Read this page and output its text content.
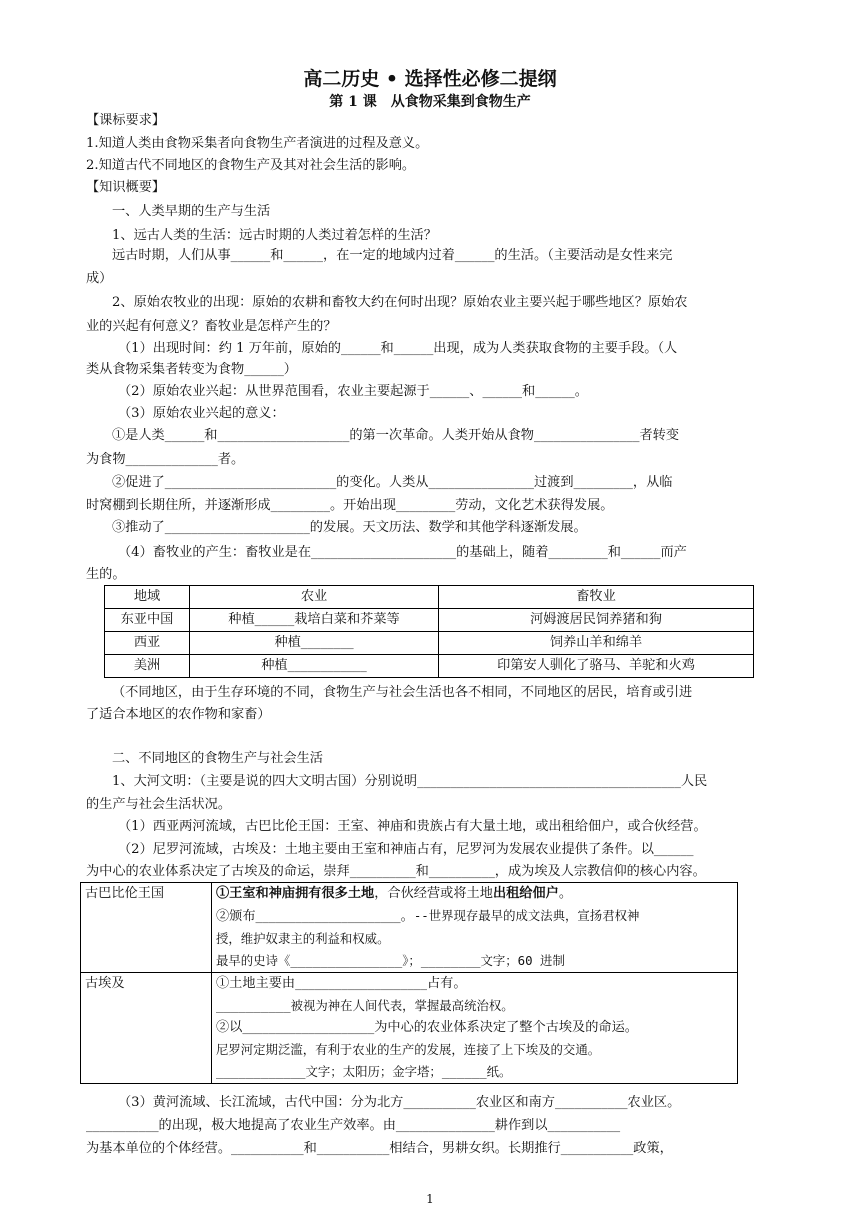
高二历史 • 选择性必修二提纲
第 1 课　从食物采集到食物生产
【课标要求】
1.知道人类由食物采集者向食物生产者演进的过程及意义。
2.知道古代不同地区的食物生产及其对社会生活的影响。
【知识概要】
一、人类早期的生产与生活
1、远古人类的生活：远古时期的人类过着怎样的生活？
远古时期，人们从事______和______，在一定的地域内过着______的生活。（主要活动是女性来完
成）
2、原始农牧业的出现：原始的农耕和畜牧大约在何时出现？原始农业主要兴起于哪些地区？原始农
业的兴起有何意义？畜牧业是怎样产生的？
（1）出现时间：约 1 万年前，原始的______和______出现，成为人类获取食物的主要手段。（人
类从食物采集者转变为食物______）
（2）原始农业兴起：从世界范围看，农业主要起源于______、______和______。
（3）原始农业兴起的意义：
①是人类______和____________________的第一次革命。人类开始从食物________________者转变
为食物______________者。
②促进了__________________________的变化。人类从________________过渡到_________，从临
时窝棚到长期住所，并逐渐形成_________。开始出现_________劳动，文化艺术获得发展。
③推动了______________________的发展。天文历法、数学和其他学科逐渐发展。
（4）畜牧业的产生：畜牧业是在______________________的基础上，随着_________和______而产
生的。
地域	农业	畜牧业
东亚中国	种植______栽培白菜和芥菜等	河姆渡居民饲养猪和狗
西亚	种植________	饲养山羊和绵羊
美洲	种植____________	印第安人驯化了骆马、羊驼和火鸡
（不同地区，由于生存环境的不同，食物生产与社会生活也各不相同，不同地区的居民，培育或引进
了适合本地区的农作物和家畜）
二、不同地区的食物生产与社会生活
1、大河文明：（主要是说的四大文明古国）分别说明________________________________________人民
的生产与社会生活状况。
（1）西亚两河流域，古巴比伦王国：王室、神庙和贵族占有大量土地，或出租给佃户，或合伙经营。
（2）尼罗河流域，古埃及：土地主要由王室和神庙占有，尼罗河为发展农业提供了条件。以______
为中心的农业体系决定了古埃及的命运，崇拜__________和__________，成为埃及人宗教信仰的核心内容。
古巴比伦王国	①王室和神庙拥有很多土地，合伙经营或将土地出租给佃户。
②颁布______________________。--世界现存最早的成文法典，宣扬君权神
授，维护奴隶主的利益和权威。
最早的史诗《_______________》；________文字；60 进制

古埃及	①土地主要由____________________占有。
__________被视为神在人间代表，掌握最高统治权。
②以____________________为中心的农业体系决定了整个古埃及的命运。
尼罗河定期泛滥，有利于农业的生产的发展，连接了上下埃及的交通。
____________文字；太阳历；金字塔；______纸。
（3）黄河流域、长江流域，古代中国：分为北方___________农业区和南方___________农业区。
___________的出现，极大地提高了农业生产效率。由_______________耕作到以___________
为基本单位的个体经营。___________和___________相结合，男耕女织。长期推行___________政策，
1
